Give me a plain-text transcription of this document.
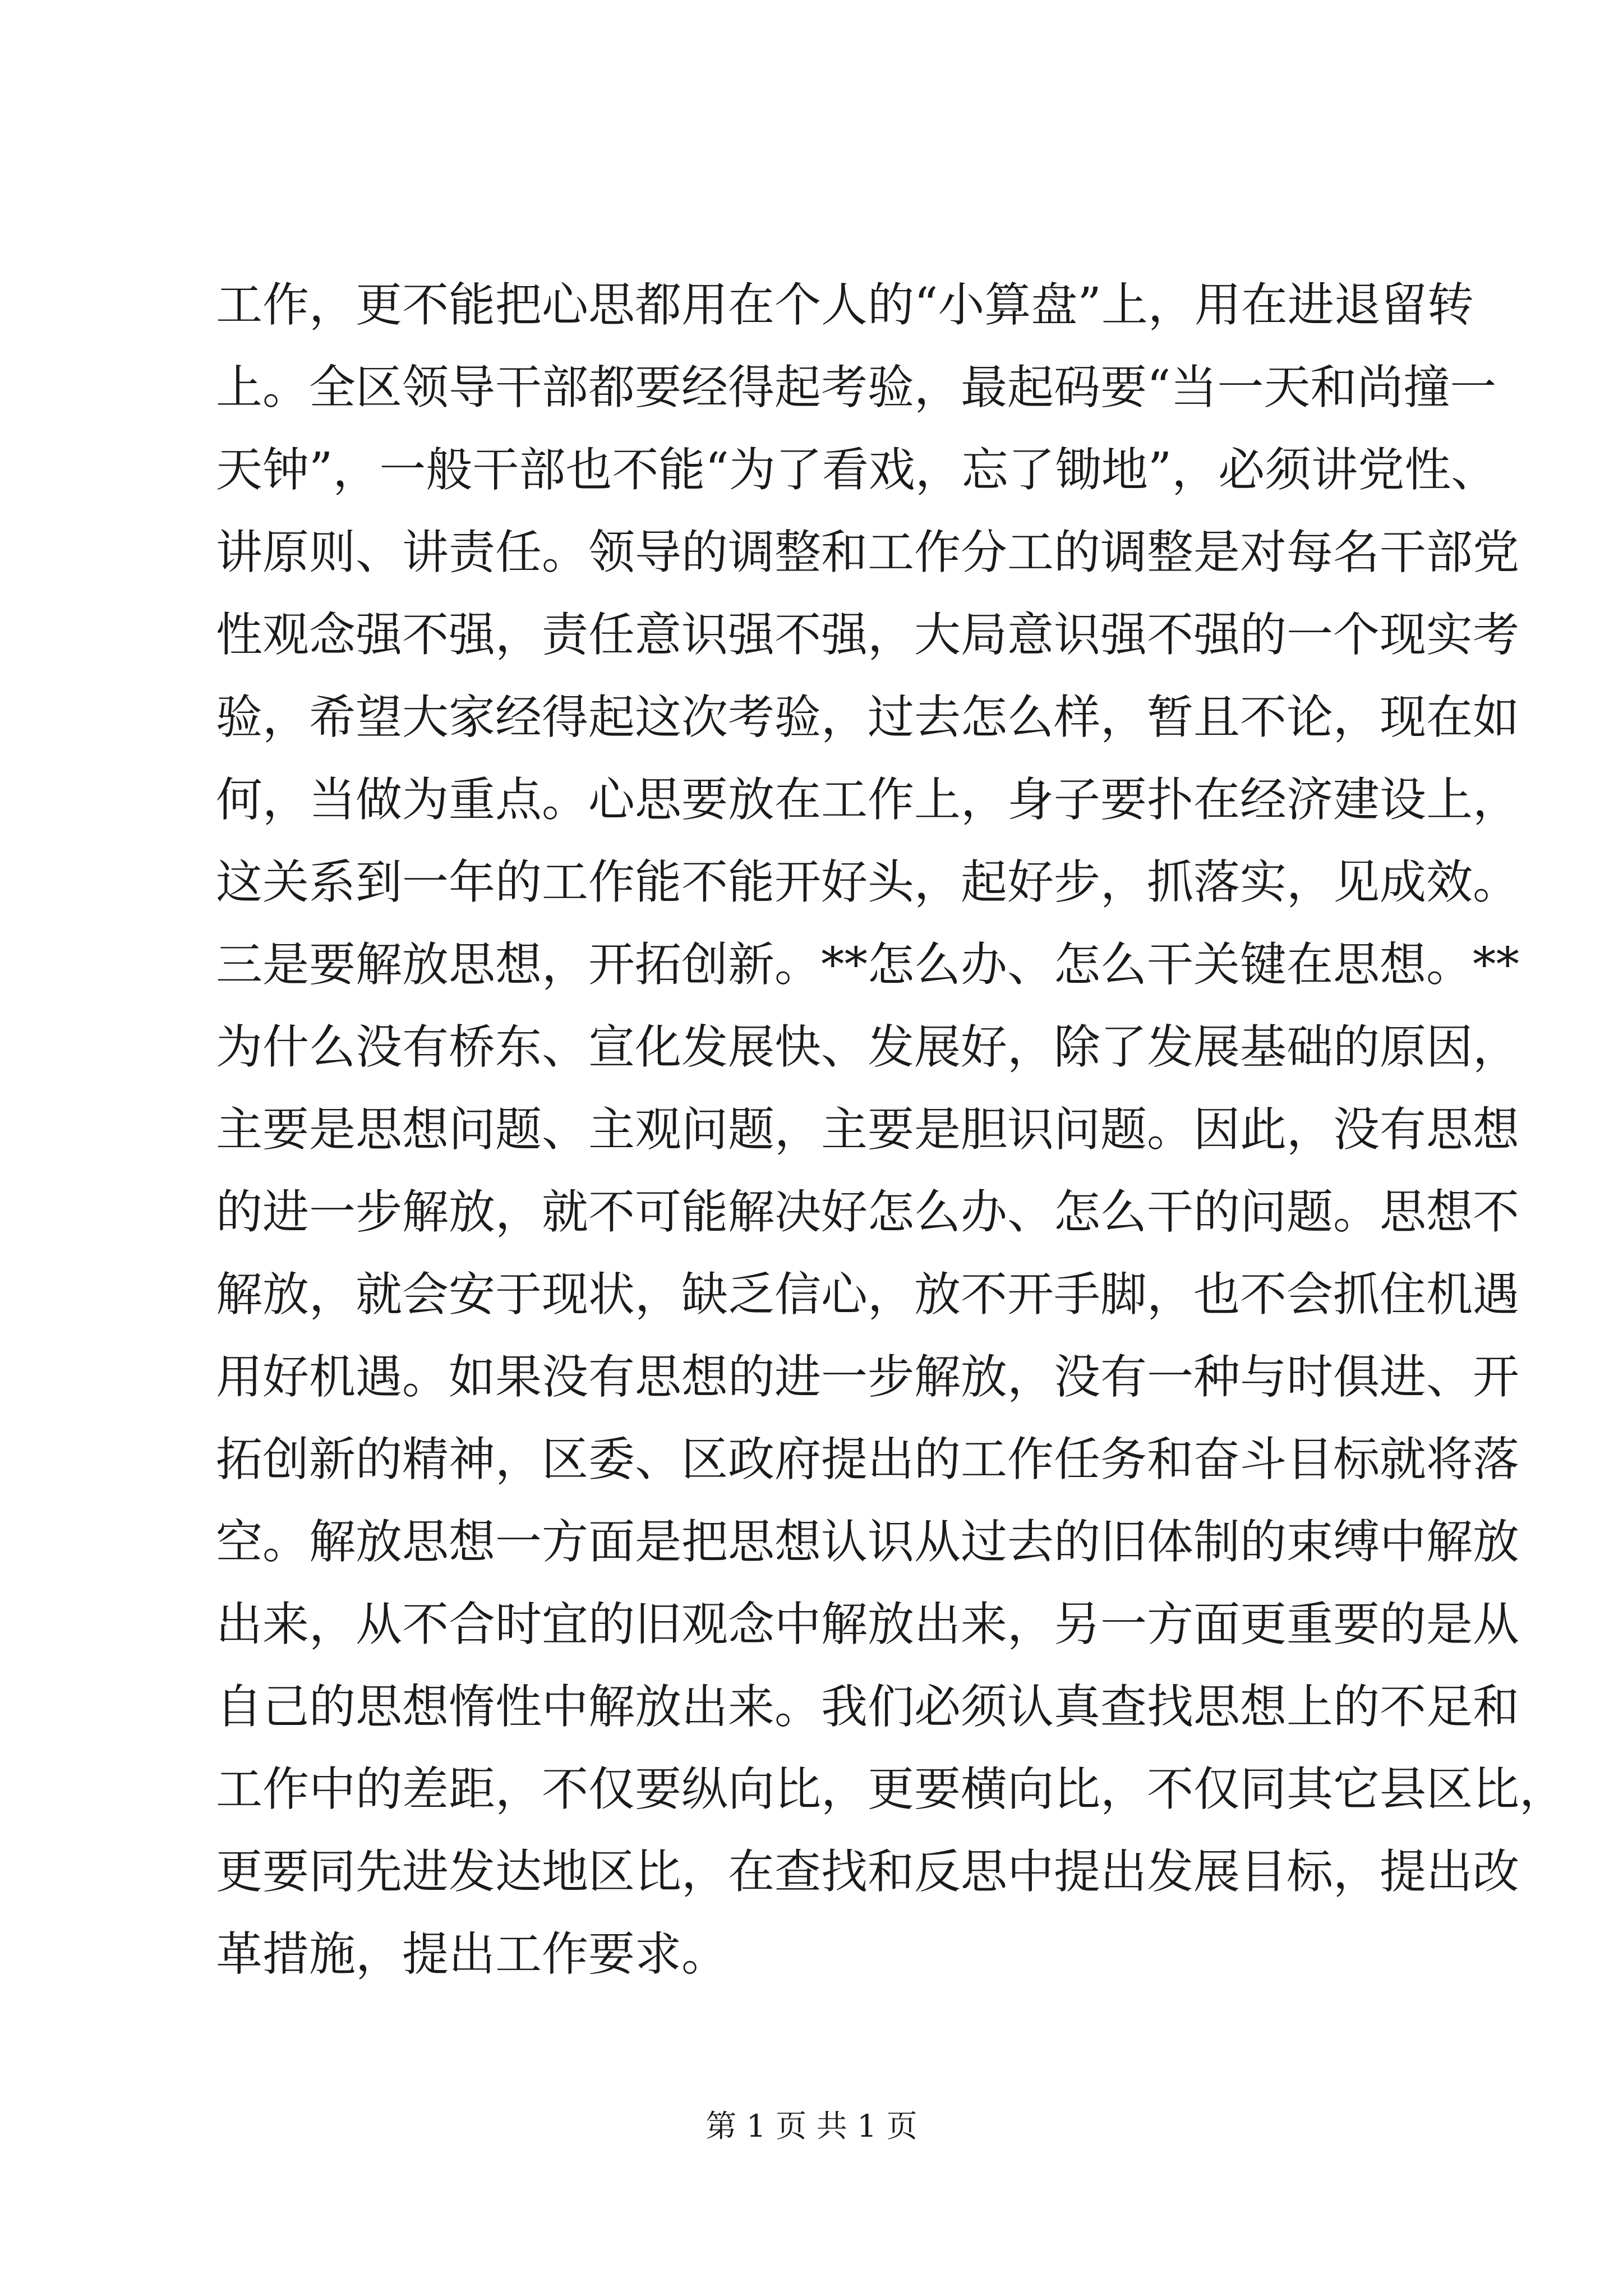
工作，更不能把心思都用在个人的“小算盘”上，用在进退留转
上。全区领导干部都要经得起考验，最起码要“当一天和尚撞一
天钟”，一般干部也不能“为了看戏，忘了锄地”，必须讲党性、
讲原则、讲责任。领导的调整和工作分工的调整是对每名干部党
性观念强不强，责任意识强不强，大局意识强不强的一个现实考
验，希望大家经得起这次考验，过去怎么样，暂且不论，现在如
何，当做为重点。心思要放在工作上，身子要扑在经济建设上，
这关系到一年的工作能不能开好头，起好步，抓落实，见成效。
三是要解放思想，开拓创新。**怎么办、怎么干关键在思想。**
为什么没有桥东、宣化发展快、发展好，除了发展基础的原因，
主要是思想问题、主观问题，主要是胆识问题。因此，没有思想
的进一步解放，就不可能解决好怎么办、怎么干的问题。思想不
解放，就会安于现状，缺乏信心，放不开手脚，也不会抓住机遇
用好机遇。如果没有思想的进一步解放，没有一种与时俱进、开
拓创新的精神，区委、区政府提出的工作任务和奋斗目标就将落
空。解放思想一方面是把思想认识从过去的旧体制的束缚中解放
出来，从不合时宜的旧观念中解放出来，另一方面更重要的是从
自己的思想惰性中解放出来。我们必须认真查找思想上的不足和
工作中的差距，不仅要纵向比，更要横向比，不仅同其它县区比，
更要同先进发达地区比，在查找和反思中提出发展目标，提出改
革措施，提出工作要求。
第 1 页 共 1 页
